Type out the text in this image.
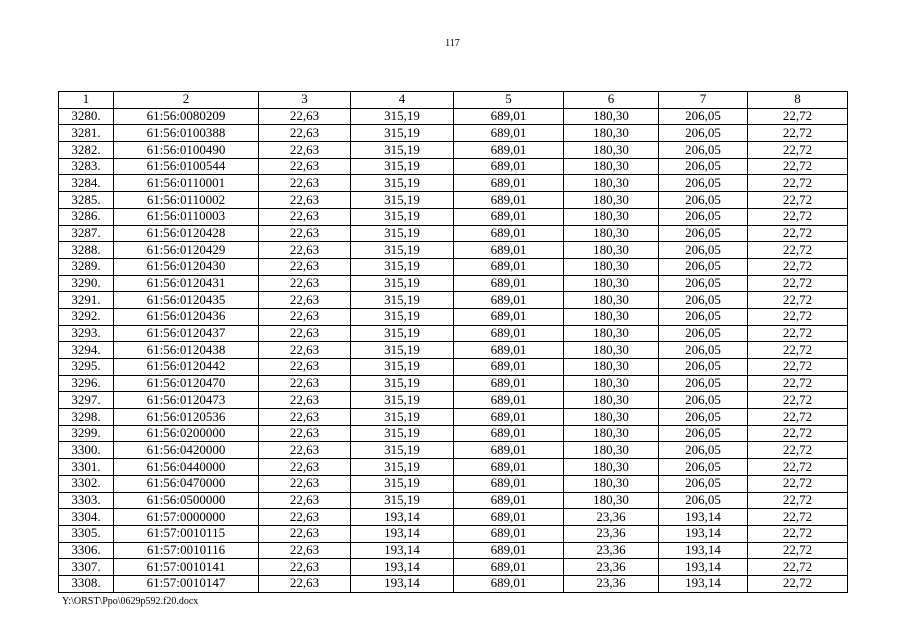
117
1	2	3	4	5	6	7	8
3280.	61:56:0080209	22,63	315,19	689,01	180,30	206,05	22,72
3281.	61:56:0100388	22,63	315,19	689,01	180,30	206,05	22,72
3282.	61:56:0100490	22,63	315,19	689,01	180,30	206,05	22,72
3283.	61:56:0100544	22,63	315,19	689,01	180,30	206,05	22,72
3284.	61:56:0110001	22,63	315,19	689,01	180,30	206,05	22,72
3285.	61:56:0110002	22,63	315,19	689,01	180,30	206,05	22,72
3286.	61:56:0110003	22,63	315,19	689,01	180,30	206,05	22,72
3287.	61:56:0120428	22,63	315,19	689,01	180,30	206,05	22,72
3288.	61:56:0120429	22,63	315,19	689,01	180,30	206,05	22,72
3289.	61:56:0120430	22,63	315,19	689,01	180,30	206,05	22,72
3290.	61:56:0120431	22,63	315,19	689,01	180,30	206,05	22,72
3291.	61:56:0120435	22,63	315,19	689,01	180,30	206,05	22,72
3292.	61:56:0120436	22,63	315,19	689,01	180,30	206,05	22,72
3293.	61:56:0120437	22,63	315,19	689,01	180,30	206,05	22,72
3294.	61:56:0120438	22,63	315,19	689,01	180,30	206,05	22,72
3295.	61:56:0120442	22,63	315,19	689,01	180,30	206,05	22,72
3296.	61:56:0120470	22,63	315,19	689,01	180,30	206,05	22,72
3297.	61:56:0120473	22,63	315,19	689,01	180,30	206,05	22,72
3298.	61:56:0120536	22,63	315,19	689,01	180,30	206,05	22,72
3299.	61:56:0200000	22,63	315,19	689,01	180,30	206,05	22,72
3300.	61:56:0420000	22,63	315,19	689,01	180,30	206,05	22,72
3301.	61:56:0440000	22,63	315,19	689,01	180,30	206,05	22,72
3302.	61:56:0470000	22,63	315,19	689,01	180,30	206,05	22,72
3303.	61:56:0500000	22,63	315,19	689,01	180,30	206,05	22,72
3304.	61:57:0000000	22,63	193,14	689,01	23,36	193,14	22,72
3305.	61:57:0010115	22,63	193,14	689,01	23,36	193,14	22,72
3306.	61:57:0010116	22,63	193,14	689,01	23,36	193,14	22,72
3307.	61:57:0010141	22,63	193,14	689,01	23,36	193,14	22,72
3308.	61:57:0010147	22,63	193,14	689,01	23,36	193,14	22,72
Y:\ORST\Ppo\0629p592.f20.docx
